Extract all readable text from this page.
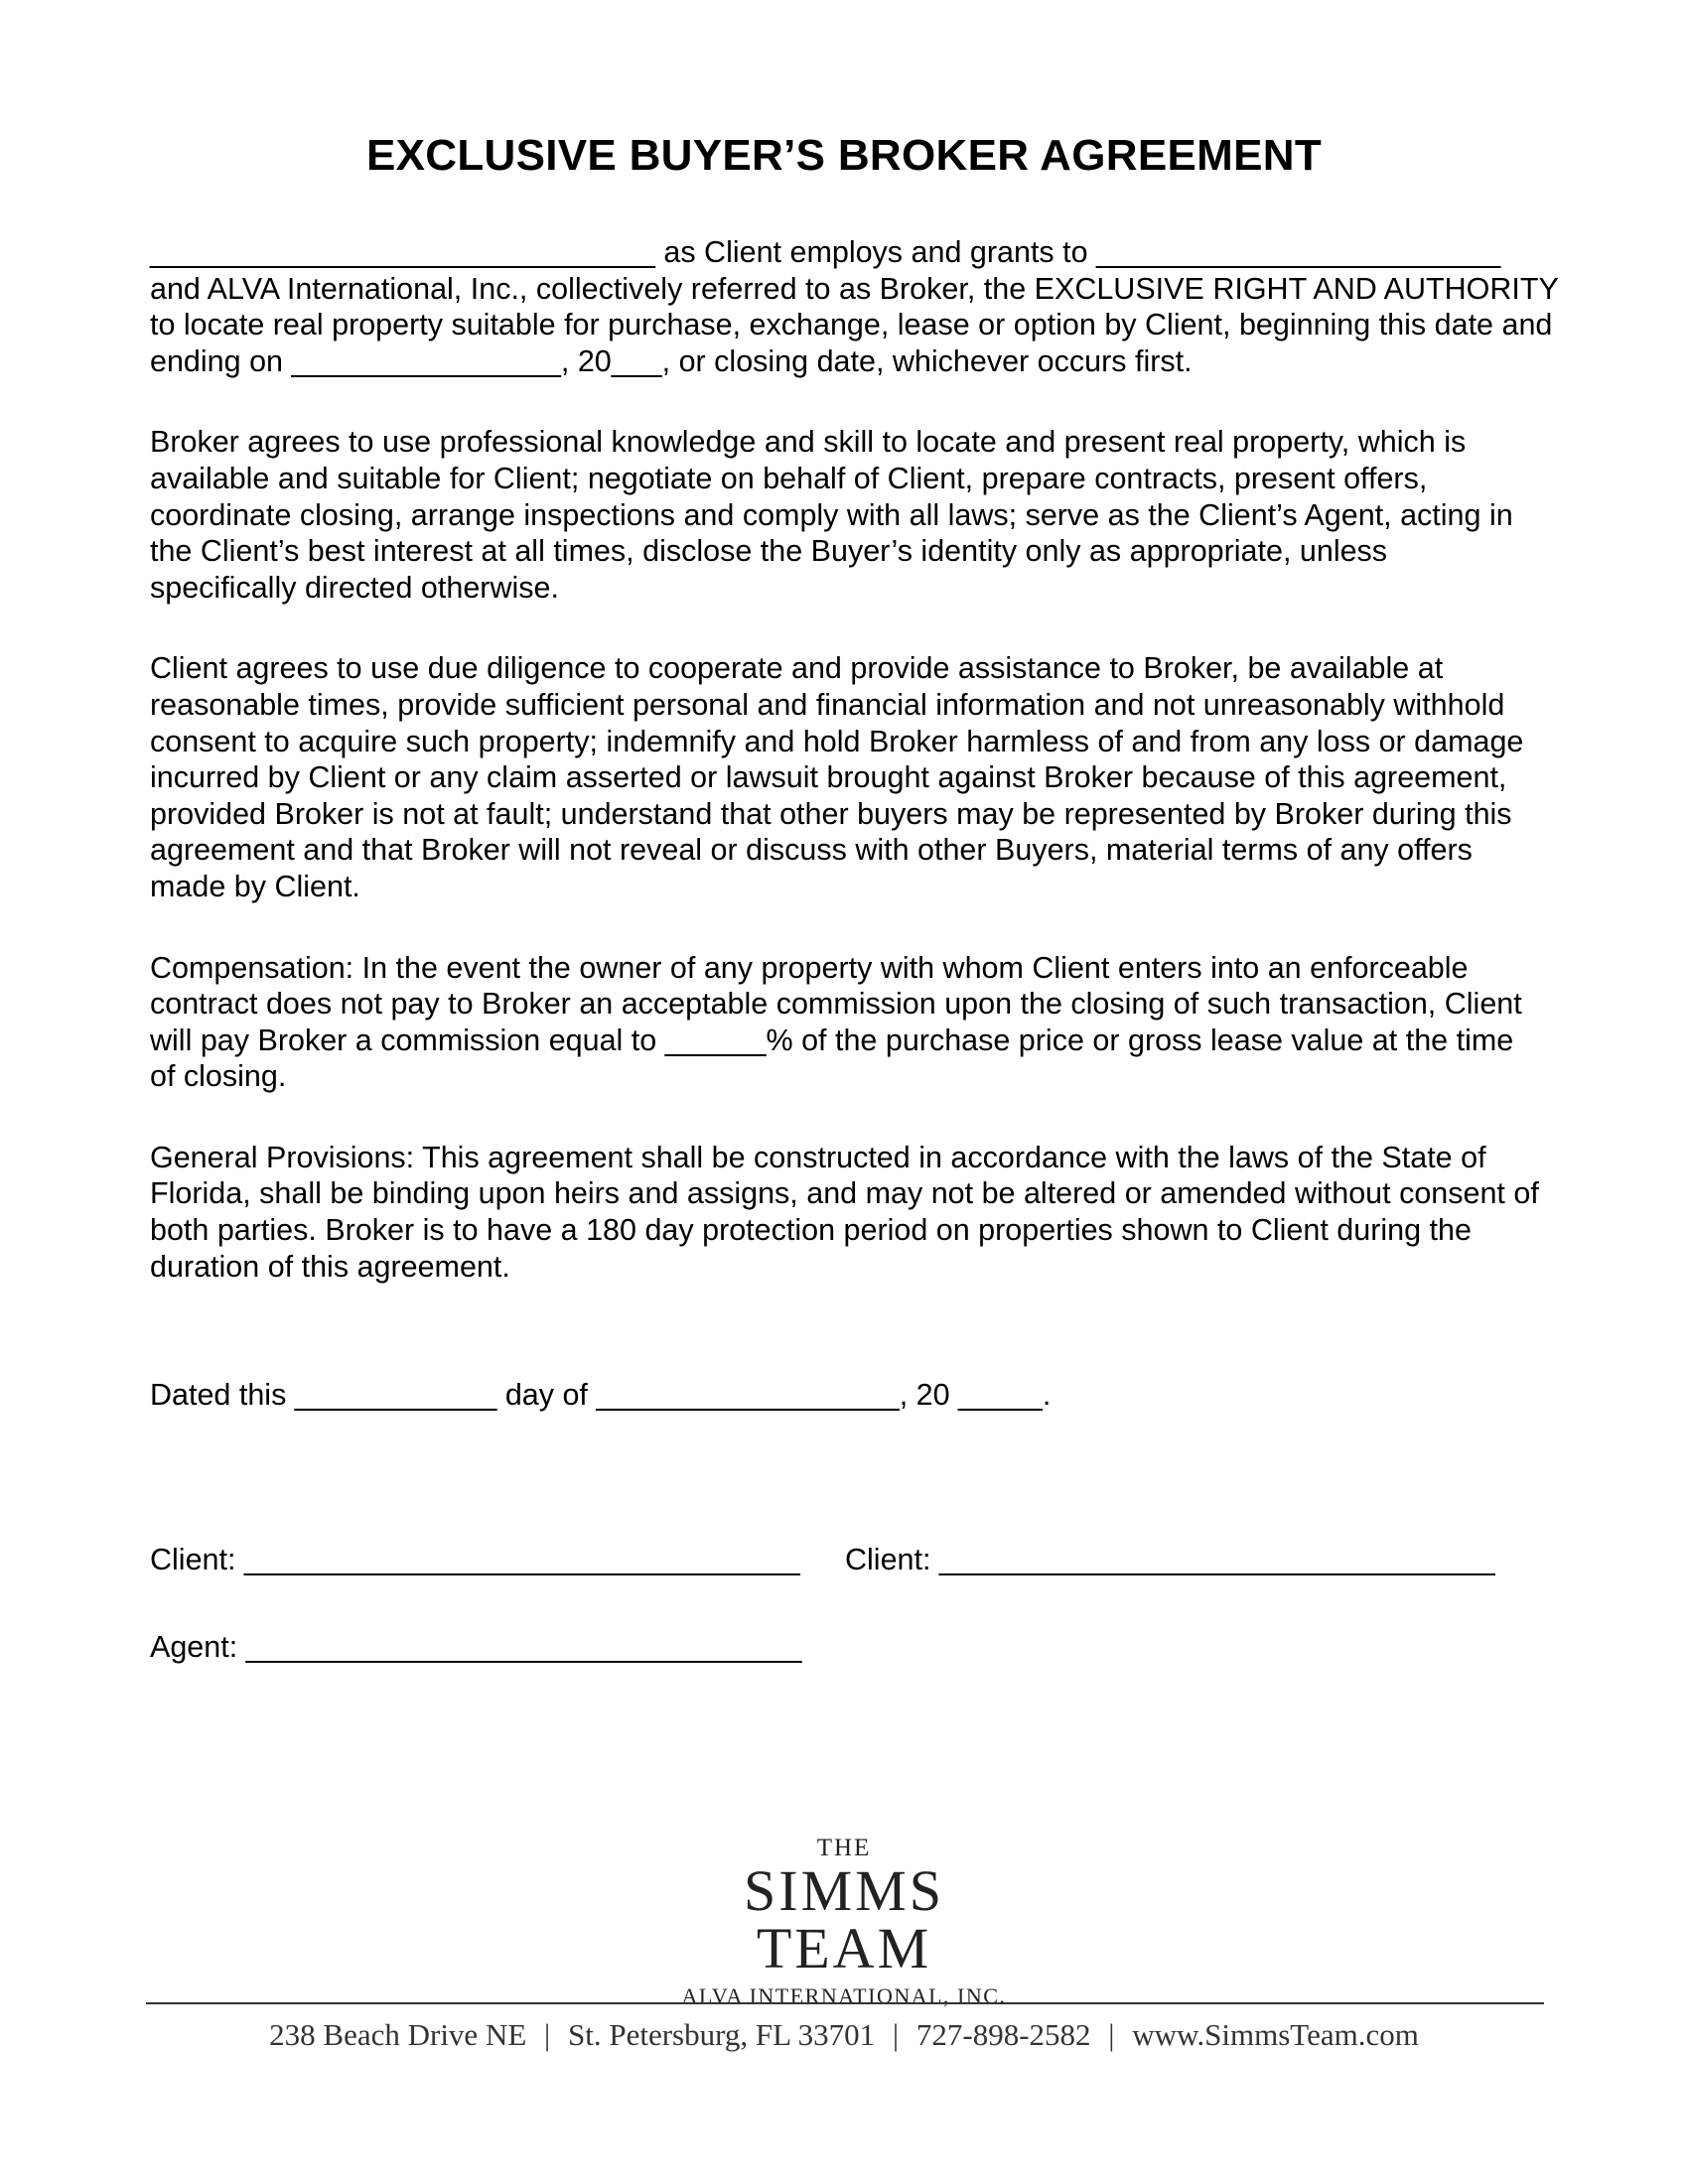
EXCLUSIVE BUYER’S BROKER AGREEMENT

______________________________ as Client employs and grants to ________________________
and ALVA International, Inc., collectively referred to as Broker, the EXCLUSIVE RIGHT AND AUTHORITY
to locate real property suitable for purchase, exchange, lease or option by Client, beginning this date and
ending on ________________, 20___, or closing date, whichever occurs first.

Broker agrees to use professional knowledge and skill to locate and present real property, which is available and suitable for Client; negotiate on behalf of Client, prepare contracts, present offers, coordinate closing, arrange inspections and comply with all laws; serve as the Client’s Agent, acting in the Client’s best interest at all times, disclose the Buyer’s identity only as appropriate, unless specifically directed otherwise.

Client agrees to use due diligence to cooperate and provide assistance to Broker, be available at reasonable times, provide sufficient personal and financial information and not unreasonably withhold consent to acquire such property; indemnify and hold Broker harmless of and from any loss or damage incurred by Client or any claim asserted or lawsuit brought against Broker because of this agreement, provided Broker is not at fault; understand that other buyers may be represented by Broker during this agreement and that Broker will not reveal or discuss with other Buyers, material terms of any offers made by Client.

Compensation: In the event the owner of any property with whom Client enters into an enforceable contract does not pay to Broker an acceptable commission upon the closing of such transaction, Client will pay Broker a commission equal to ______% of the purchase price or gross lease value at the time of closing.

General Provisions: This agreement shall be constructed in accordance with the laws of the State of Florida, shall be binding upon heirs and assigns, and may not be altered or amended without consent of both parties. Broker is to have a 180 day protection period on properties shown to Client during the duration of this agreement.

Dated this ____________ day of __________________, 20 _____.
Client: _________________________________ Client: _________________________________
Agent: _________________________________
THE
SIMMS
TEAM
ALVA INTERNATIONAL, INC.
238 Beach Drive NE | St. Petersburg, FL 33701 | 727-898-2582 | www.SimmsTeam.com
